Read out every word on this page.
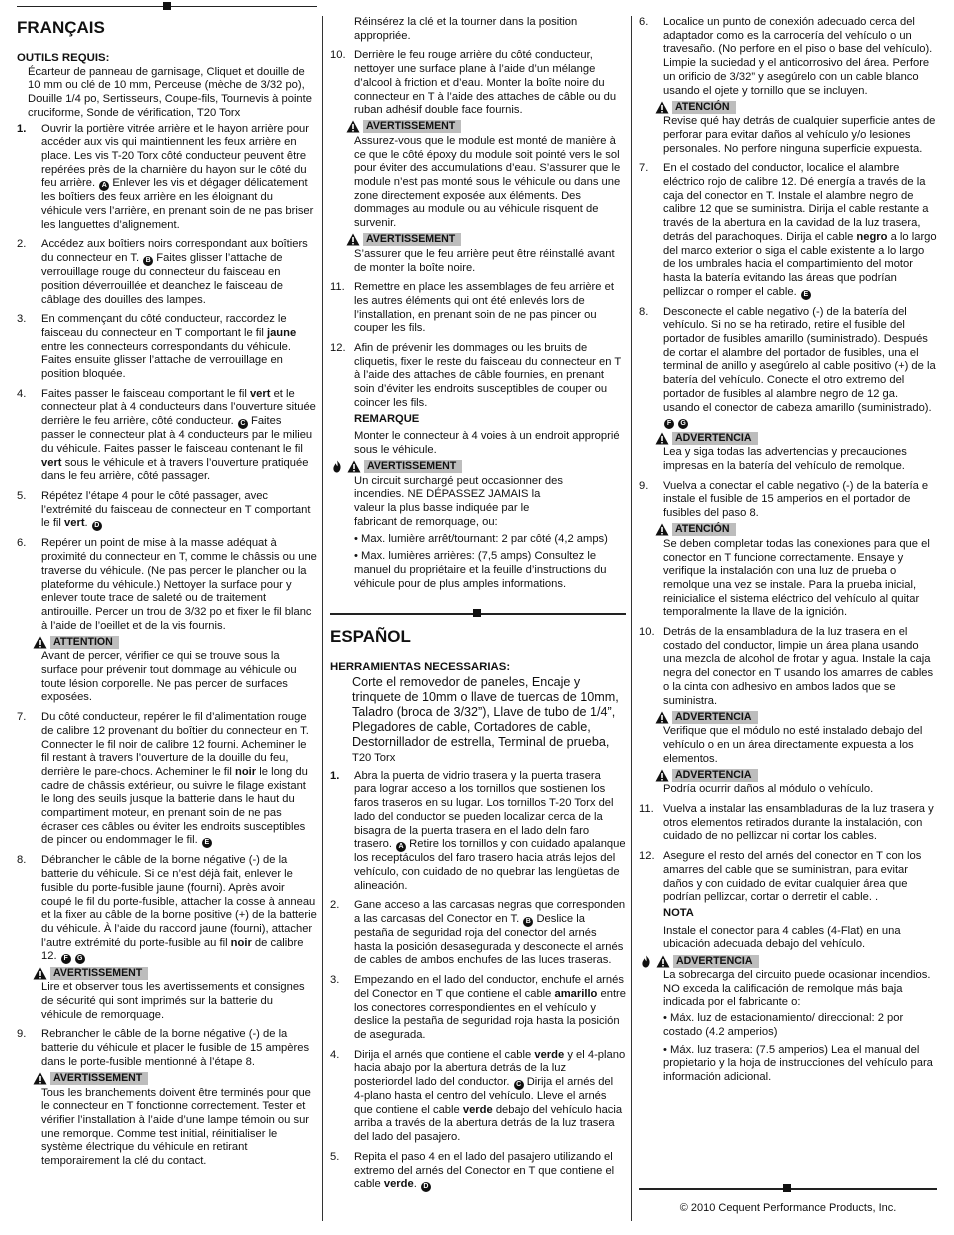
FRANÇAIS
OUTILS REQUIS:
Écarteur de panneau de garnisage, Cliquet et douille de 10 mm ou clé de 10 mm, Perceuse (mèche de 3/32 po), Douille 1/4 po, Sertisseurs, Coupe-fils, Tournevis à pointe cruciforme, Sonde de vérification, T20 Torx
1.	Ouvrir la portière vitrée arrière et le hayon arrière pour accéder aux vis qui maintiennent les feux arrière en place. Les vis T-20 Torx côté conducteur peuvent être repérées près de la charnière du hayon sur le côté du feu arrière. A Enlever les vis et dégager délicatement les boîtiers des feux arrière en les éloignant du véhicule vers l’arrière, en prenant soin de ne pas briser les languettes d’alignement.
2.	Accédez aux boîtiers noirs correspondant aux boîtiers du connecteur en T. B Faites glisser l’attache de verrouillage rouge du connecteur du faisceau en position déverrouillée et deanchez le faisceau de câblage des douilles des lampes.
3.	En commençant du côté conducteur, raccordez le faisceau du connecteur en T comportant le fil jaune entre les connecteurs correspondants du véhicule. Faites ensuite glisser l’attache de verrouillage en position bloquée.
4.	Faites passer le faisceau comportant le fil vert et le connecteur plat à 4 conducteurs dans l’ouverture située derrière le feu arrière, côté conducteur. C Faites passer le connecteur plat à 4 conducteurs par le milieu du véhicule. Faites passer le faisceau contenant le fil vert sous le véhicule et à travers l’ouverture pratiquée dans le feu arrière, côté passager.
5.	Répétez l’étape 4 pour le côté passager, avec l’extrémité du faisceau de connecteur en T comportant le fil vert. D
6.	Repérer un point de mise à la masse adéquat à proximité du connecteur en T, comme le châssis ou une traverse du véhicule. (Ne pas percer le plancher ou la plateforme du véhicule.) Nettoyer la surface pour y enlever toute trace de saleté ou de traitement antirouille. Percer un trou de 3/32 po et fixer le fil blanc à l’aide de l’oeillet et de la vis fournis.
ATTENTION
Avant de percer, vérifier ce qui se trouve sous la surface pour prévenir tout dommage au véhicule ou toute lésion corporelle. Ne pas percer de surfaces exposées.
7.	Du côté conducteur, repérer le fil d’alimentation rouge de calibre 12 provenant du boîtier du connecteur en T. Connecter le fil noir de calibre 12 fourni. Acheminer le fil restant à travers l’ouverture de la douille du feu, derrière le pare-chocs. Acheminer le fil noir le long du cadre de châssis extérieur, ou suivre le filage existant le long des seuils jusque la batterie dans le haut du compartiment moteur, en prenant soin de ne pas écraser ces câbles ou éviter les endroits susceptibles de pincer ou endommager le fil. E
8.	Débrancher le câble de la borne négative (-) de la batterie du véhicule. Si ce n’est déjà fait, enlever le fusible du porte-fusible jaune (fourni). Après avoir coupé le fil du porte-fusible, attacher la cosse à anneau et la fixer au câble de la borne positive (+) de la batterie du véhicule. À l’aide du raccord jaune (fourni), attacher l’autre extrémité du porte-fusible au fil noir de calibre 12. F G
AVERTISSEMENT
Lire et observer tous les avertissements et consignes de sécurité qui sont imprimés sur la batterie du véhicule de remorquage.
9.	Rebrancher le câble de la borne négative (-) de la batterie du véhicule et placer le fusible de 15 ampères dans le porte-fusible mentionné à l’étape 8.
AVERTISSEMENT
Tous les branchements doivent être terminés pour que le connecteur en T fonctionne correctement. Tester et vérifier l’installation à l’aide d’une lampe témoin ou sur une remorque. Comme test initial, réinitialiser le système électrique du véhicule en retirant temporairement la clé du contact.
Réinsérez la clé et la tourner dans la position appropriée.
10. Derrière le feu rouge arrière du côté conducteur, nettoyer une surface plane à l’aide d’un mélange d’alcool à friction et d’eau. Monter la boîte noire du connecteur en T à l’aide des attaches de câble ou du ruban adhésif double face fournis.
AVERTISSEMENT
Assurez-vous que le module est monté de manière à ce que le côté époxy du module soit pointé vers le sol pour éviter des accumulations d’eau. S’assurer que le module n’est pas monté sous le véhicule ou dans une zone directement exposée aux éléments. Des dommages au module ou au véhicule risquent de survenir.
AVERTISSEMENT
S’assurer que le feu arrière peut être réinstallé avant de monter la boîte noire.
11. Remettre en place les assemblages de feu arrière et les autres éléments qui ont été enlevés lors de l’installation, en prenant soin de ne pas pincer ou couper les fils.
12. Afin de prévenir les dommages ou les bruits de cliquetis, fixer le reste du faisceau du connecteur en T à l’aide des attaches de câble fournies, en prenant soin d’éviter les endroits susceptibles de couper ou coincer les fils.
REMARQUE
Monter le connecteur à 4 voies à un endroit approprié sous le véhicule.
AVERTISSEMENT
Un circuit surchargé peut occasionner des incendies. NE DÉPASSEZ JAMAIS la valeur la plus basse indiquée par le fabricant de remorquage, ou:
• Max. lumière arrêt/tournant: 2 par côté (4,2 amps)
• Max. lumières arrières: (7,5 amps) Consultez le manuel du propriétaire et la feuille d’instructions du véhicule pour de plus amples informations.
ESPAÑOL
HERRAMIENTAS NECESSARIAS:
Corte el removedor de paneles, Encaje y trinquete de 10mm o llave de tuercas de 10mm, Taladro (broca de 3/32”), Llave de tubo de 1/4”, Plegadores de cable, Cortadores de cable, Destornillador de estrella, Terminal de prueba,
T20 Torx
1.	Abra la puerta de vidrio trasera y la puerta trasera para lograr acceso a los tornillos que sostienen los faros traseros en su lugar. Los tornillos T-20 Torx del lado del conductor se pueden localizar cerca de la bisagra de la puerta trasera en el lado deln faro trasero. A Retire los tornillos y con cuidado apalanque los receptáculos del faro trasero hacia atrás lejos del vehículo, con cuidado de no quebrar las lengüetas de alineación.
2.	Gane acceso a las carcasas negras que corresponden a las carcasas del Conector en T. B Deslice la pestaña de seguridad roja del conector del arnés hasta la posición desasegurada y desconecte el arnés de cables de ambos enchufes de las luces traseras.
3.	Empezando en el lado del conductor, enchufe el arnés del Conector en T que contiene el cable amarillo entre los conectores correspondientes en el vehículo y deslice la pestaña de seguridad roja hasta la posición de asegurada.
4.	Dirija el arnés que contiene el cable verde y el 4-plano hacia abajo por la abertura detrás de la luz posteriordel lado del conductor. C Dirija el arnés del 4-plano hasta el centro del vehículo. Lleve el arnés que contiene el cable verde debajo del vehículo hacia arriba a través de la abertura detrás de la luz trasera del lado del pasajero.
5.	Repita el paso 4 en el lado del pasajero utilizando el extremo del arnés del Conector en T que contiene el cable verde. D
6.	Localice un punto de conexión adecuado cerca del adaptador como es la carrocería del vehículo o un travesaño. (No perfore en el piso o base del vehículo). Limpie la suciedad y el anticorrosivo del área. Perfore un orificio de 3/32” y asegúrelo con un cable blanco usando el ojete y tornillo que se incluyen.
ATENCIÓN
Revise qué hay detrás de cualquier superficie antes de perforar para evitar daños al vehículo y/o lesiones personales. No perfore ninguna superficie expuesta.
7.	En el costado del conductor, localice el alambre eléctrico rojo de calibre 12. Dé energía a través de la caja del conector en T. Instale el alambre negro de calibre 12 que se suministra. Dirija el cable restante a través de la abertura en la cavidad de la luz trasera, detrás del parachoques. Dirija el cable negro a lo largo del marco exterior o siga el cable existente a lo largo de los umbrales hacia el compartimiento del motor hasta la batería evitando las áreas que podrían pellizcar o romper el cable. E
8.	Desconecte el cable negativo (-) de la batería del vehículo. Si no se ha retirado, retire el fusible del portador de fusibles amarillo (suministrado). Después de cortar el alambre del portador de fusibles, una el terminal de anillo y asegúrelo al cable positivo (+) de la batería del vehículo. Conecte el otro extremo del portador de fusibles al alambre negro de 12 ga. usando el conector de cabeza amarillo (suministrado). F G
ADVERTENCIA
Lea y siga todas las advertencias y precauciones impresas en la batería del vehículo de remolque.
9.	Vuelva a conectar el cable negativo (-) de la batería e instale el fusible de 15 amperios en el portador de fusibles del paso 8.
ATENCIÓN
Se deben completar todas las conexiones para que el conector en T funcione correctamente. Ensaye y verifique la instalación con una luz de prueba o remolque una vez se instale. Para la prueba inicial, reinicialice el sistema eléctrico del vehículo al quitar temporalmente la llave de la ignición.
10. Detrás de la ensambladura de la luz trasera en el costado del conductor, limpie un área plana usando una mezcla de alcohol de frotar y agua. Instale la caja negra del conector en T usando los amarres de cables o la cinta con adhesivo en ambos lados que se suministra.
ADVERTENCIA
Verifique que el módulo no esté instalado debajo del vehículo o en un área directamente expuesta a los elementos.
ADVERTENCIA
Podría ocurrir daños al módulo o vehículo.
11. Vuelva a instalar las ensambladuras de la luz trasera y otros elementos retirados durante la instalación, con cuidado de no pellizcar ni cortar los cables.
12. Asegure el resto del arnés del conector en T con los amarres del cable que se suministran, para evitar daños y con cuidado de evitar cualquier área que podrían pellizcar, cortar o derretir el cable. .
NOTA
Instale el conector para 4 cables (4-Flat) en una ubicación adecuada debajo del vehículo.
ADVERTENCIA
La sobrecarga del circuito puede ocasionar incendios. NO exceda la calificación de remolque más baja indicada por el fabricante o:
• Máx. luz de estacionamiento/ direccional: 2 por costado (4.2 amperios)
• Máx. luz trasera: (7.5 amperios) Lea el manual del propietario y la hoja de instrucciones del vehículo para información adicional.
© 2010 Cequent Performance Products, Inc.
